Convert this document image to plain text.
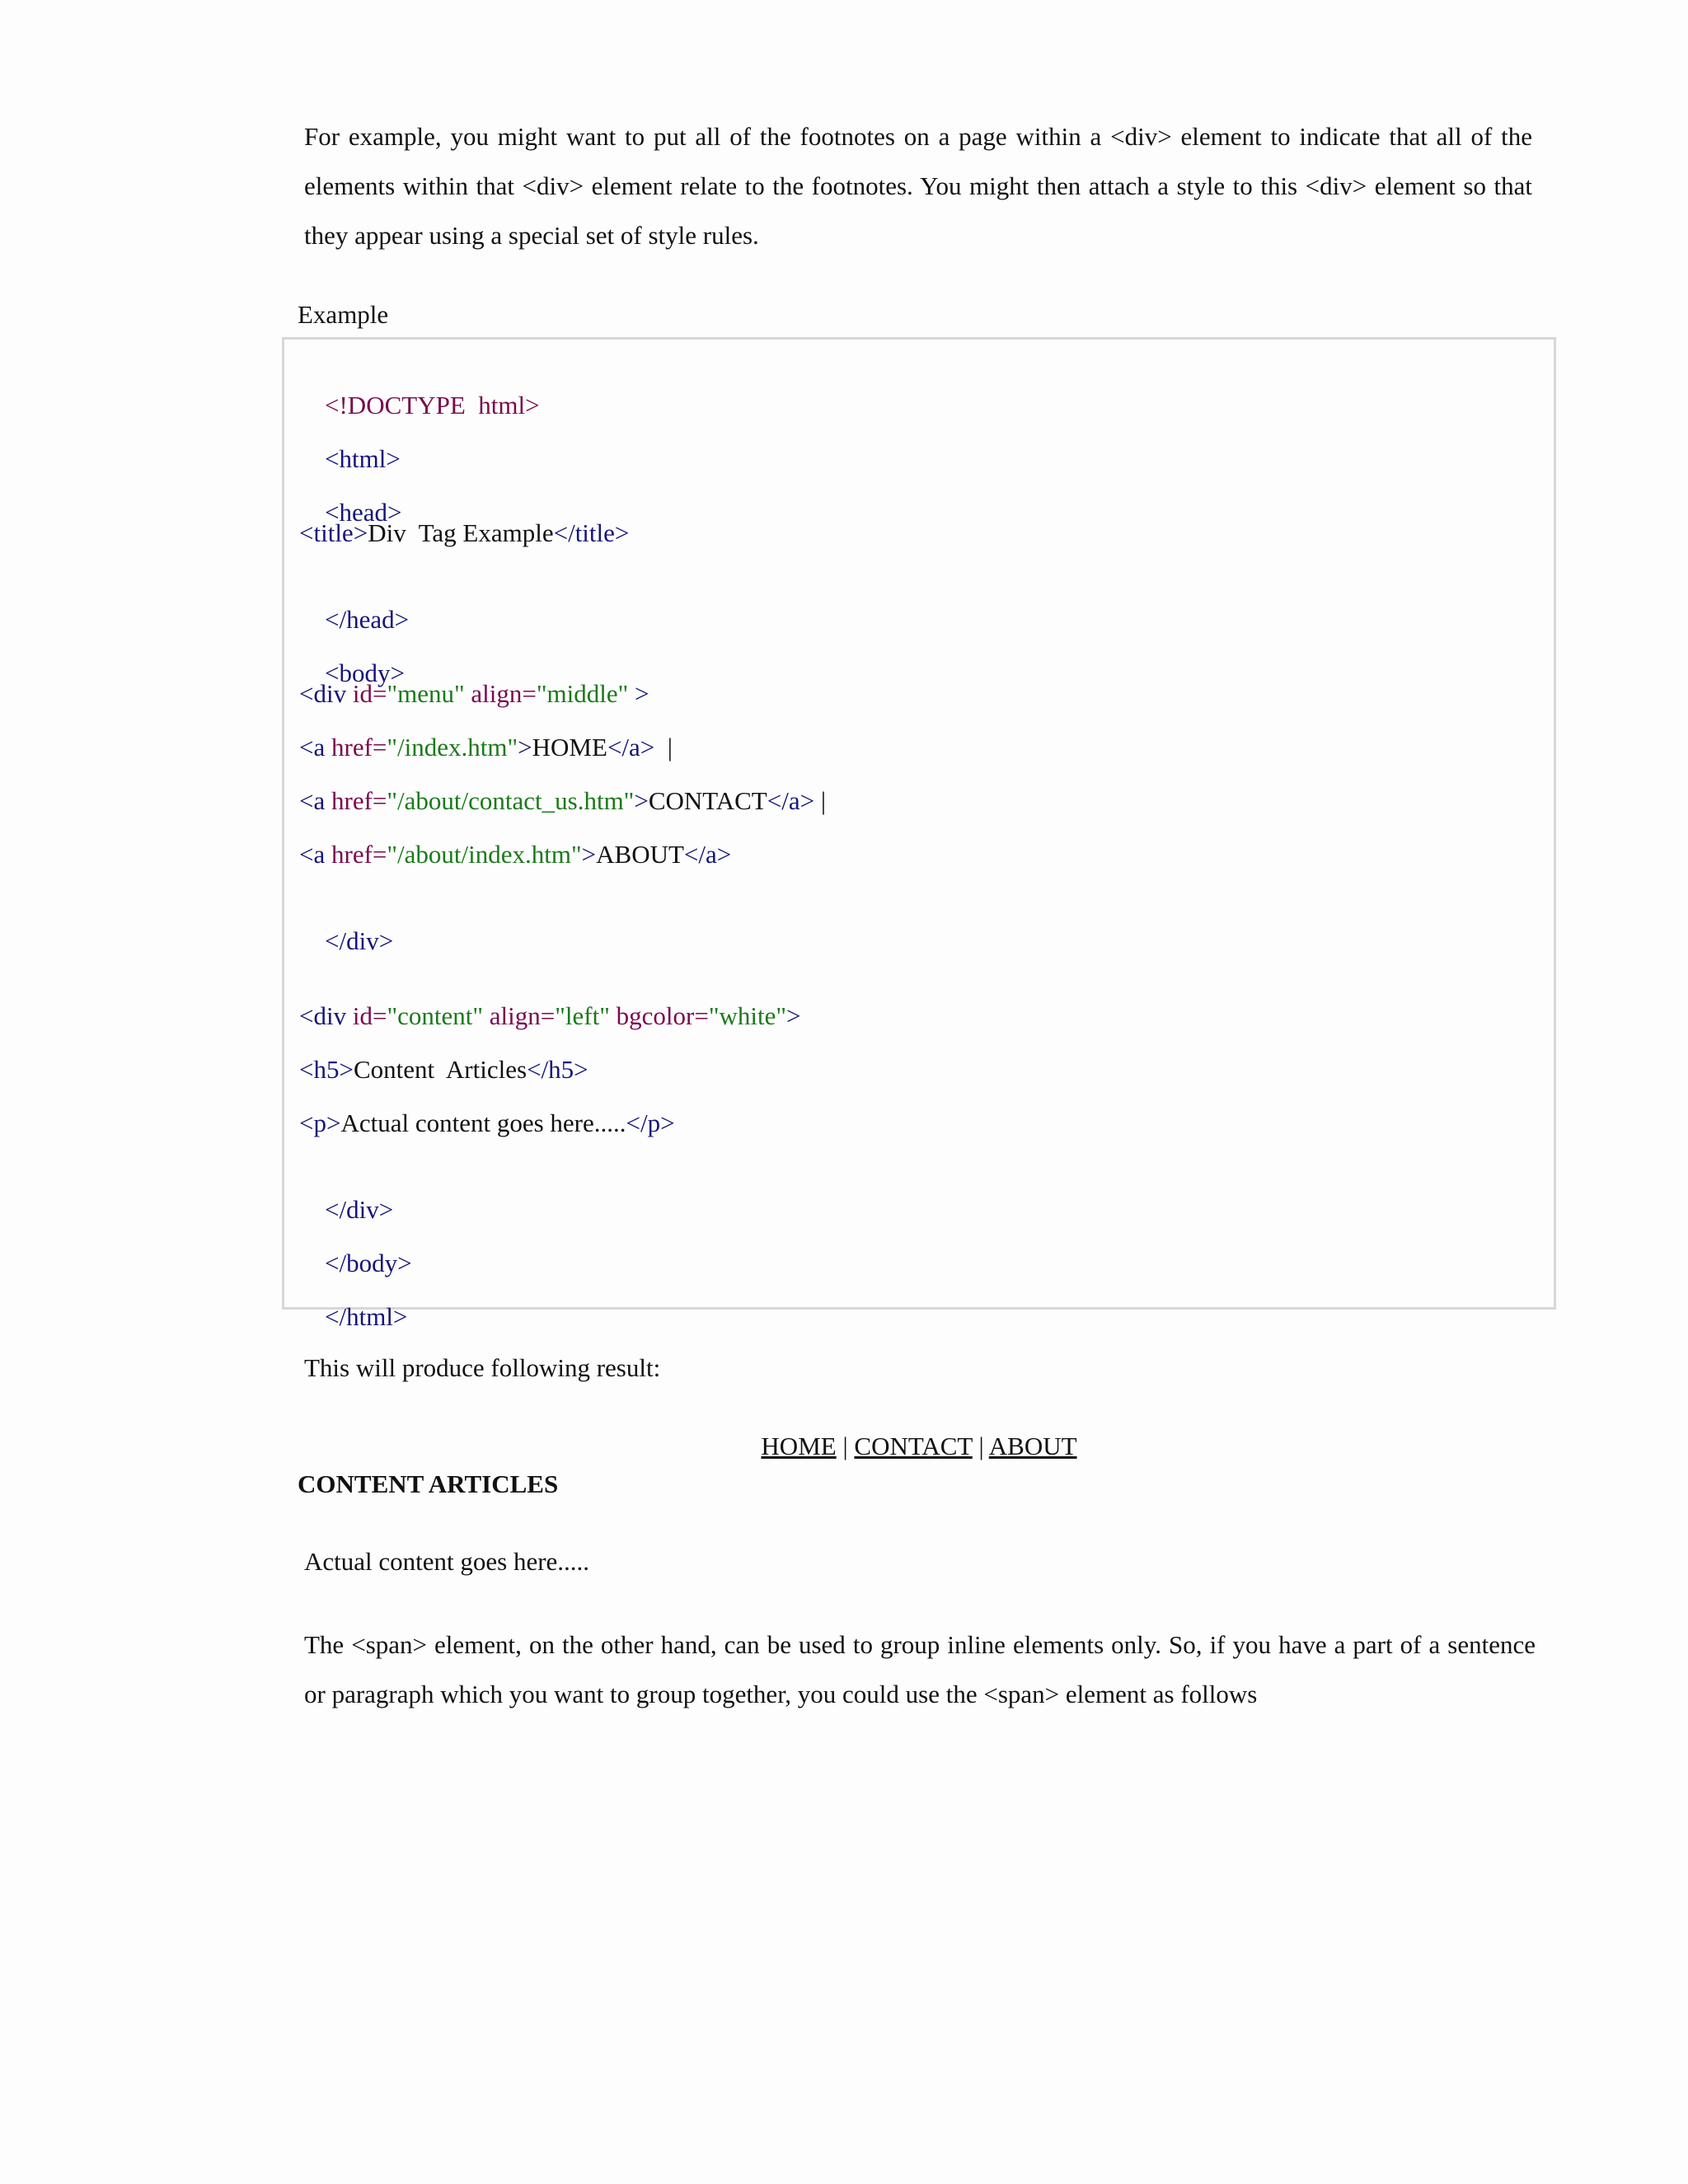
For example, you might want to put all of the footnotes on a page within a <div> element to indicate that all of the elements within that <div> element relate to the footnotes. You might then attach a style to this <div> element so that they appear using a special set of style rules.

Example

<!DOCTYPE  html>

<html>

<head>

<title>Div  Tag Example</title>

</head>

<body>

<div id="menu" align="middle" >
<a href="/index.htm">HOME</a>  |
<a href="/about/contact_us.htm">CONTACT</a> |
<a href="/about/index.htm">ABOUT</a>

</div>

<div id="content" align="left" bgcolor="white">
<h5>Content  Articles</h5>
<p>Actual content goes here.....</p>

</div>

</body>

</html>

This will produce following result:

HOME | CONTACT | ABOUT

CONTENT ARTICLES

Actual content goes here.....

The <span> element, on the other hand, can be used to group inline elements only. So, if you have a part of a sentence or paragraph which you want to group together, you could use the <span> element as follows
